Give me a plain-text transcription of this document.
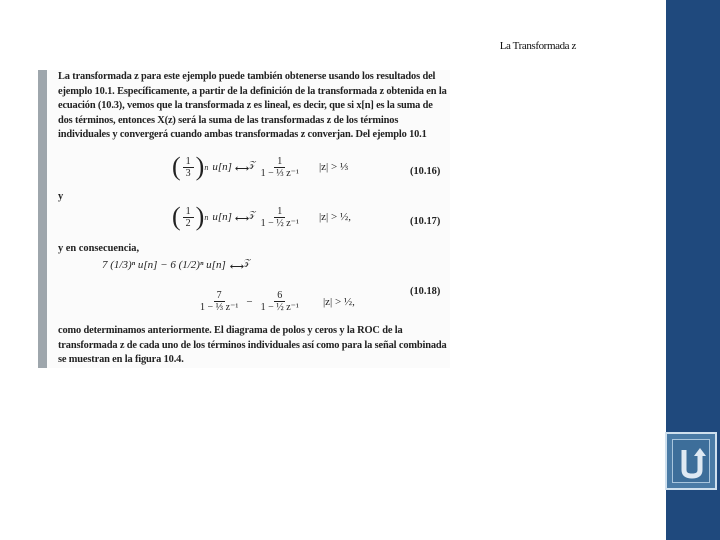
La Transformada z
La transformada z para este ejemplo puede también obtenerse usando los resultados del ejemplo 10.1. Específicamente, a partir de la definición de la transformada z obtenida en la ecuación (10.3), vemos que la transformada z es lineal, es decir, que si x[n] es la suma de dos términos, entonces X(z) será la suma de las transformadas z de los términos individuales y convergerá cuando ambas transformadas z converjan. Del ejemplo 10.1
( $\frac{1}{3}$ ) n u[n] ⟷$^𝒵$ $\frac{1}{\text{1 − ⅓ z⁻¹}} |z|$ > ⅓	(10.16)
y
( $\frac{1}{2}$ ) n u[n] ⟷$^𝒵$ $\frac{1}{\text{1 − ½ z⁻¹}} |z|$ > ½,	(10.17)
y en consecuencia,
7 (1/3)ⁿ u[n] − 6 (1/2)ⁿ u[n] ⟷$^𝒵$
$\frac{7}{\text{1 − ⅓ z⁻¹}} - \frac{6}{\text{1 − ½ z⁻¹}} |z|$ > ½,
(10.18)
como determinamos anteriormente. El diagrama de polos y ceros y la ROC de la transformada z de cada uno de los términos individuales así como para la señal combinada se muestran en la figura 10.4.
